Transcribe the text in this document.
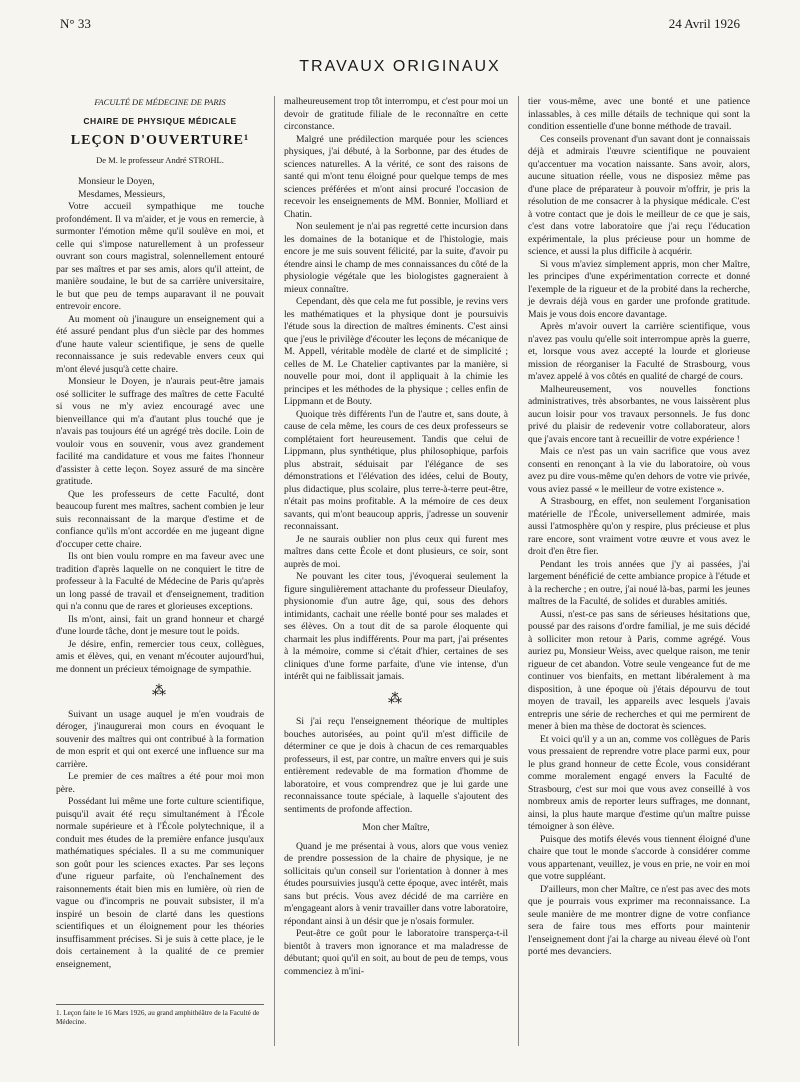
N° 33	24 Avril 1926
TRAVAUX ORIGINAUX

FACULTÉ DE MÉDECINE DE PARIS

CHAIRE DE PHYSIQUE MÉDICALE

LEÇON D'OUVERTURE¹

De M. le professeur André STROHL.

Monsieur le Doyen,

Mesdames, Messieurs,

Votre accueil sympathique me touche profondément. Il va m'aider, et je vous en remercie, à surmonter l'émotion même qu'il soulève en moi, et celle qui s'impose naturellement à un professeur ouvrant son cours magistral, solennellement entouré par ses maîtres et par ses amis, alors qu'il atteint, de manière soudaine, le but de sa carrière universitaire, le but que peu de temps auparavant il ne pouvait entrevoir encore.

Au moment où j'inaugure un enseignement qui a été assuré pendant plus d'un siècle par des hommes d'une haute valeur scientifique, je sens de quelle reconnaissance je suis redevable envers ceux qui m'ont élevé jusqu'à cette chaire.

Monsieur le Doyen, je n'aurais peut-être jamais osé solliciter le suffrage des maîtres de cette Faculté si vous ne m'y aviez encouragé avec une bienveillance qui m'a d'autant plus touché que je n'avais pas toujours été un agrégé très docile. Loin de vouloir vous en souvenir, vous avez grandement facilité ma candidature et vous me faites l'honneur d'assister à cette leçon. Soyez assuré de ma sincère gratitude.

Que les professeurs de cette Faculté, dont beaucoup furent mes maîtres, sachent combien je leur suis reconnaissant de la marque d'estime et de confiance qu'ils m'ont accordée en me jugeant digne d'occuper cette chaire.

Ils ont bien voulu rompre en ma faveur avec une tradition d'après laquelle on ne conquiert le titre de professeur à la Faculté de Médecine de Paris qu'après un long passé de travail et d'enseignement, tradition qui n'a connu que de rares et glorieuses exceptions.

Ils m'ont, ainsi, fait un grand honneur et chargé d'une lourde tâche, dont je mesure tout le poids.

Je désire, enfin, remercier tous ceux, collègues, amis et élèves, qui, en venant m'écouter aujourd'hui, me donnent un précieux témoignage de sympathie.

⁂

Suivant un usage auquel je m'en voudrais de déroger, j'inaugurerai mon cours en évoquant le souvenir des maîtres qui ont contribué à la formation de mon esprit et qui ont exercé une influence sur ma carrière.

Le premier de ces maîtres a été pour moi mon père.

Possédant lui même une forte culture scientifique, puisqu'il avait été reçu simultanément à l'École normale supérieure et à l'École polytechnique, il a conduit mes études de la première enfance jusqu'aux mathématiques spéciales. Il a su me communiquer son goût pour les sciences exactes. Par ses leçons d'une rigueur parfaite, où l'enchaînement des raisonnements était bien mis en lumière, où rien de vague ou d'incompris ne pouvait subsister, il m'a inspiré un besoin de clarté dans les questions scientifiques et un éloignement pour les théories insuffisamment précises. Si je suis à cette place, je le dois certainement à la qualité de ce premier enseignement,

1. Leçon faite le 16 Mars 1926, au grand amphithéâtre de la Faculté de Médecine.

malheureusement trop tôt interrompu, et c'est pour moi un devoir de gratitude filiale de le reconnaître en cette circonstance.

Malgré une prédilection marquée pour les sciences physiques, j'ai débuté, à la Sorbonne, par des études de sciences naturelles. A la vérité, ce sont des raisons de santé qui m'ont tenu éloigné pour quelque temps de mes sciences préférées et m'ont ainsi procuré l'occasion de recevoir les enseignements de MM. Bonnier, Molliard et Chatin.

Non seulement je n'ai pas regretté cette incursion dans les domaines de la botanique et de l'histologie, mais encore je me suis souvent félicité, par la suite, d'avoir pu étendre ainsi le champ de mes connaissances du côté de la physiologie végétale que les biologistes gagneraient à mieux connaître.

Cependant, dès que cela me fut possible, je revins vers les mathématiques et la physique dont je poursuivis l'étude sous la direction de maîtres éminents. C'est ainsi que j'eus le privilège d'écouter les leçons de mécanique de M. Appell, véritable modèle de clarté et de simplicité ; celles de M. Le Chatelier captivantes par la manière, si nouvelle pour moi, dont il appliquait à la chimie les principes et les méthodes de la physique ; celles enfin de Lippmann et de Bouty.

Quoique très différents l'un de l'autre et, sans doute, à cause de cela même, les cours de ces deux professeurs se complétaient fort heureusement. Tandis que celui de Lippmann, plus synthétique, plus philosophique, parfois plus abstrait, séduisait par l'élégance de ses démonstrations et l'élévation des idées, celui de Bouty, plus didactique, plus scolaire, plus terre-à-terre peut-être, n'était pas moins profitable. A la mémoire de ces deux savants, qui m'ont beaucoup appris, j'adresse un souvenir reconnaissant.

Je ne saurais oublier non plus ceux qui furent mes maîtres dans cette École et dont plusieurs, ce soir, sont auprès de moi.

Ne pouvant les citer tous, j'évoquerai seulement la figure singulièrement attachante du professeur Dieulafoy, physionomie d'un autre âge, qui, sous des dehors intimidants, cachait une réelle bonté pour ses malades et ses élèves. On a tout dit de sa parole éloquente qui charmait les plus indifférents. Pour ma part, j'ai présentes à la mémoire, comme si c'était d'hier, certaines de ses cliniques d'une forme parfaite, d'une vie intense, d'un intérêt qui ne faiblissait jamais.

⁂

Si j'ai reçu l'enseignement théorique de multiples bouches autorisées, au point qu'il m'est difficile de déterminer ce que je dois à chacun de ces remarquables professeurs, il est, par contre, un maître envers qui je suis entièrement redevable de ma formation d'homme de laboratoire, et vous comprendrez que je lui garde une reconnaissance toute spéciale, à laquelle s'ajoutent des sentiments de profonde affection.

Mon cher Maître,

Quand je me présentai à vous, alors que vous veniez de prendre possession de la chaire de physique, je ne sollicitais qu'un conseil sur l'orientation à donner à mes études poursuivies jusqu'à cette époque, avec intérêt, mais sans but précis. Vous avez décidé de ma carrière en m'engageant alors à venir travailler dans votre laboratoire, répondant ainsi à un désir que je n'osais formuler.

Peut-être ce goût pour le laboratoire transperça-t-il bientôt à travers mon ignorance et ma maladresse de débutant; quoi qu'il en soit, au bout de peu de temps, vous commenciez à m'ini-

tier vous-même, avec une bonté et une patience inlassables, à ces mille détails de technique qui sont la condition essentielle d'une bonne méthode de travail.

Ces conseils provenant d'un savant dont je connaissais déjà et admirais l'œuvre scientifique ne pouvaient qu'accentuer ma vocation naissante. Sans avoir, alors, aucune situation réelle, vous ne disposiez même pas d'une place de préparateur à pouvoir m'offrir, je pris la résolution de me consacrer à la physique médicale. C'est à votre contact que je dois le meilleur de ce que je sais, c'est dans votre laboratoire que j'ai reçu l'éducation expérimentale, la plus précieuse pour un homme de science, et aussi la plus difficile à acquérir.

Si vous m'aviez simplement appris, mon cher Maître, les principes d'une expérimentation correcte et donné l'exemple de la rigueur et de la probité dans la recherche, je devrais déjà vous en garder une profonde gratitude. Mais je vous dois encore davantage.

Après m'avoir ouvert la carrière scientifique, vous n'avez pas voulu qu'elle soit interrompue après la guerre, et, lorsque vous avez accepté la lourde et glorieuse mission de réorganiser la Faculté de Strasbourg, vous m'avez appelé à vos côtés en qualité de chargé de cours.

Malheureusement, vos nouvelles fonctions administratives, très absorbantes, ne vous laissèrent plus aucun loisir pour vos travaux personnels. Je fus donc privé du plaisir de redevenir votre collaborateur, alors que j'avais encore tant à recueillir de votre expérience !

Mais ce n'est pas un vain sacrifice que vous avez consenti en renonçant à la vie du laboratoire, où vous avez pu dire vous-même qu'en dehors de votre vie privée, vous aviez passé « le meilleur de votre existence ».

A Strasbourg, en effet, non seulement l'organisation matérielle de l'École, universellement admirée, mais aussi l'atmosphère qu'on y respire, plus précieuse et plus rare encore, sont vraiment votre œuvre et vous avez le droit d'en être fier.

Pendant les trois années que j'y ai passées, j'ai largement bénéficié de cette ambiance propice à l'étude et à la recherche ; en outre, j'ai noué là-bas, parmi les jeunes maîtres de la Faculté, de solides et durables amitiés.

Aussi, n'est-ce pas sans de sérieuses hésitations que, poussé par des raisons d'ordre familial, je me suis décidé à solliciter mon retour à Paris, comme agrégé. Vous auriez pu, Monsieur Weiss, avec quelque raison, me tenir rigueur de cet abandon. Votre seule vengeance fut de me continuer vos bienfaits, en mettant libéralement à ma disposition, à une époque où j'étais dépourvu de tout moyen de travail, les appareils avec lesquels j'avais entrepris une série de recherches et qui me permirent de mener à bien ma thèse de doctorat ès sciences.

Et voici qu'il y a un an, comme vos collègues de Paris vous pressaient de reprendre votre place parmi eux, pour le plus grand honneur de cette École, vous considérant comme moralement engagé envers la Faculté de Strasbourg, c'est sur moi que vous avez conseillé à vos nombreux amis de reporter leurs suffrages, me donnant, ainsi, la plus haute marque d'estime qu'un maître puisse témoigner à son élève.

Puisque des motifs élevés vous tiennent éloigné d'une chaire que tout le monde s'accorde à considérer comme vous appartenant, veuillez, je vous en prie, ne voir en moi que votre suppléant.

D'ailleurs, mon cher Maître, ce n'est pas avec des mots que je pourrais vous exprimer ma reconnaissance. La seule manière de me montrer digne de votre confiance sera de faire tous mes efforts pour maintenir l'enseignement dont j'ai la charge au niveau élevé où l'ont porté mes devanciers.
